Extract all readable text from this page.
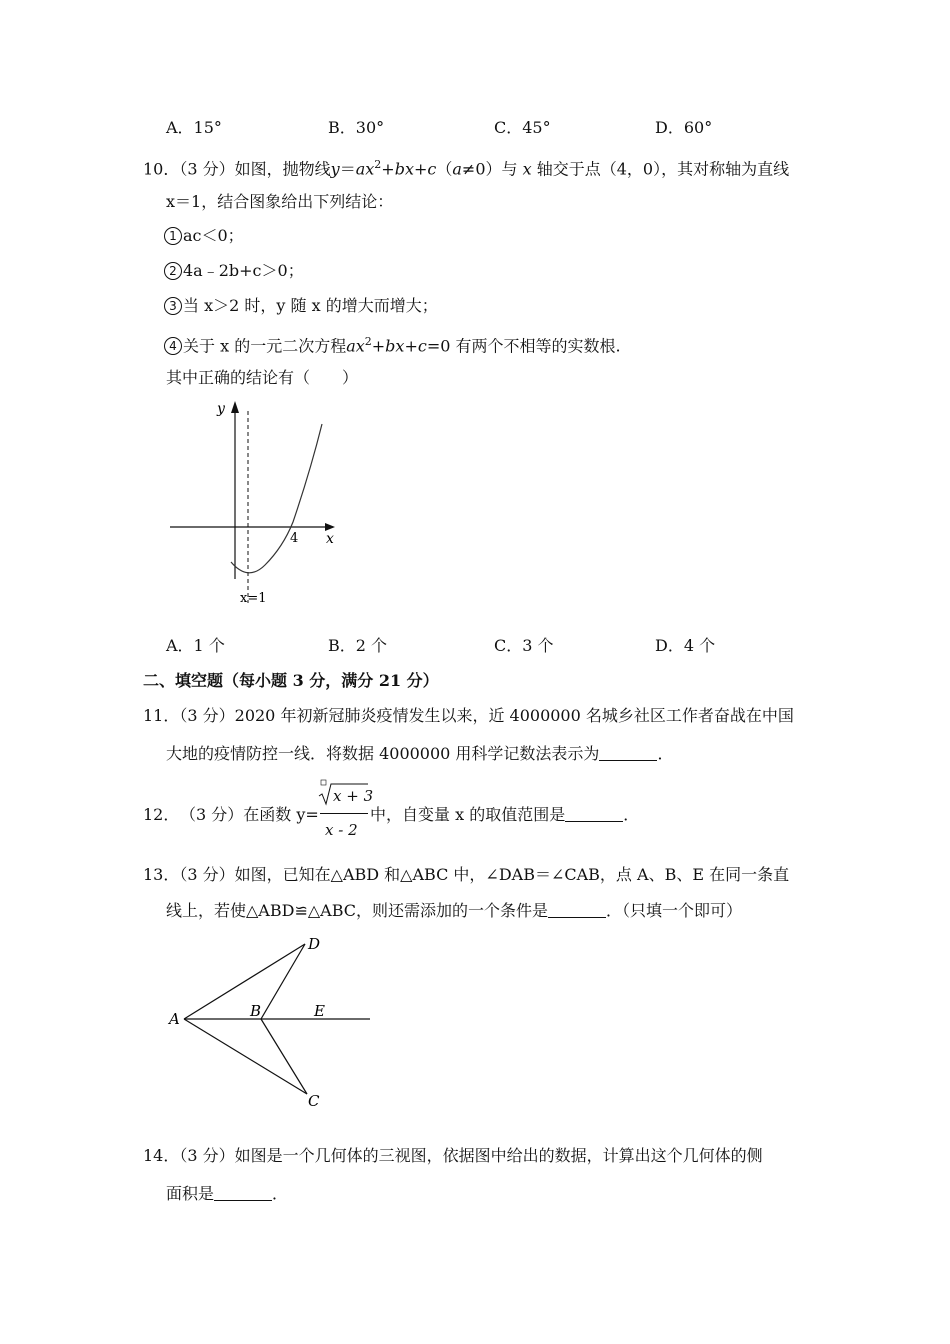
A．15°	B．30°	C．45°	D．60°
10．（3 分）如图，抛物线$y=ax^2+bx+c(a\ne 0)$与 x 轴交于点（4，0），其对称轴为直线
x＝1，结合图象给出下列结论：
1 ac＜0；
2 4a﹣2b+c＞0；
3 当 x＞2 时，y 随 x 的增大而增大；
4 关于 x 的一元二次方程$ax^2+bx+c=0$ 有两个不相等的实数根.
其中正确的结论有（　　）
y
x
4
x=1
A．1 个	B．2 个	C．3 个	D．4 个
二、填空题（每小题 3 分，满分 21 分）
11．（3 分）2020 年初新冠肺炎疫情发生以来，近 4000000 名城乡社区工作者奋战在中国
大地的疫情防控一线．将数据 4000000 用科学记数法表示为	．
12． （3 分）在函数 y=
x + 3
x - 2
中，自变量 x 的取值范围是	．
13．（3 分）如图，已知在△ABD 和△ABC 中，∠DAB＝∠CAB，点 A、B、E 在同一条直
线上，若使△ABD≌△ABC，则还需添加的一个条件是	．（只填一个即可）
A	B	E
D
C
14．（3 分）如图是一个几何体的三视图，依据图中给出的数据，计算出这个几何体的侧
面积是	．
